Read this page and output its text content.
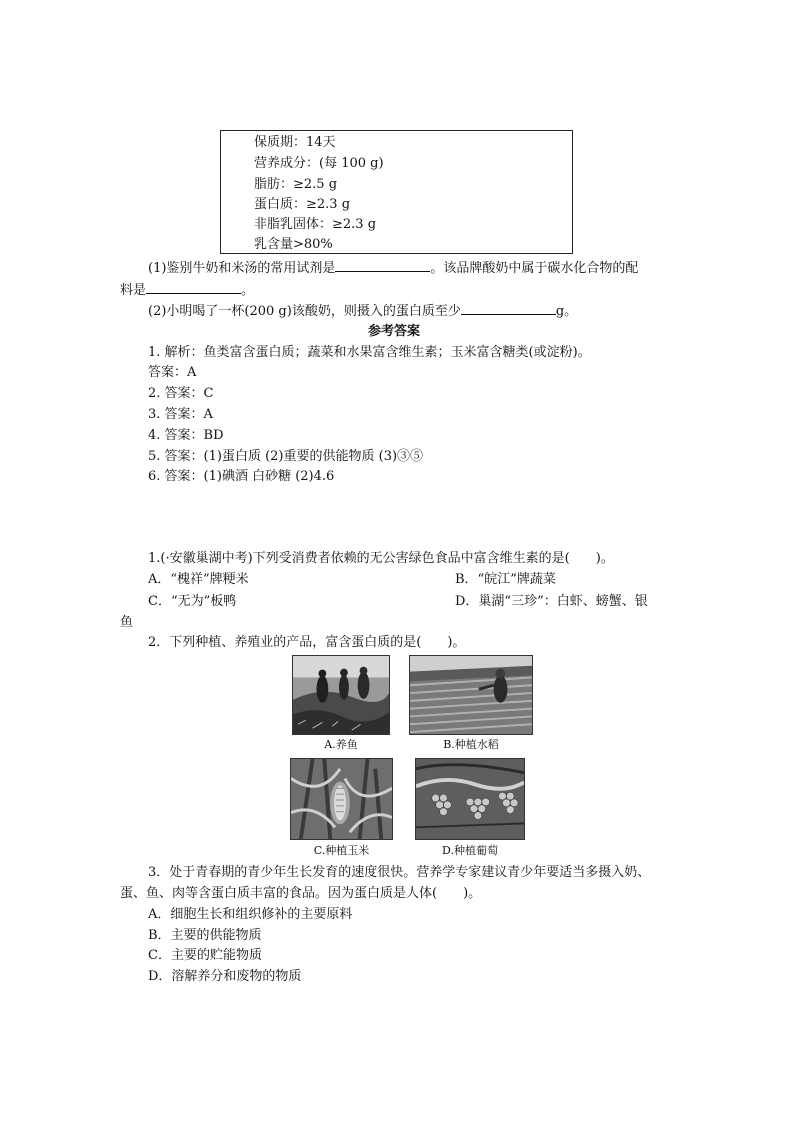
保质期：14天
营养成分：(每 100 g)
脂肪：≥2.5 g
蛋白质：≥2.3 g
非脂乳固体：≥2.3 g
乳含量>80%
(1)鉴别牛奶和米汤的常用试剂是	。该品牌酸奶中属于碳水化合物的配
料是	。
(2)小明喝了一杯(200 g)该酸奶，则摄入的蛋白质至少	g。
参考答案
1. 解析：鱼类富含蛋白质；蔬菜和水果富含维生素；玉米富含糖类(或淀粉)。
答案：A
2. 答案：C
3. 答案：A
4. 答案：BD
5. 答案：(1)蛋白质 (2)重要的供能物质 (3)③⑤
6. 答案：(1)碘酒 白砂糖 (2)4.6
1.(·安徽巢湖中考)下列受消费者依赖的无公害绿色食品中富含维生素的是(　　)。
A．“槐祥”牌粳米	B．“皖江”牌蔬菜
C．“无为”板鸭	D．巢湖“三珍”：白虾、螃蟹、银
鱼
2．下列种植、养殖业的产品，富含蛋白质的是(　　)。
A.养鱼	B.种植水稻
C.种植玉米	D.种植葡萄
3．处于青春期的青少年生长发育的速度很快。营养学专家建议青少年要适当多摄入奶、
蛋、鱼、肉等含蛋白质丰富的食品。因为蛋白质是人体(　　)。
A．细胞生长和组织修补的主要原料
B．主要的供能物质
C．主要的贮能物质
D．溶解养分和废物的物质
